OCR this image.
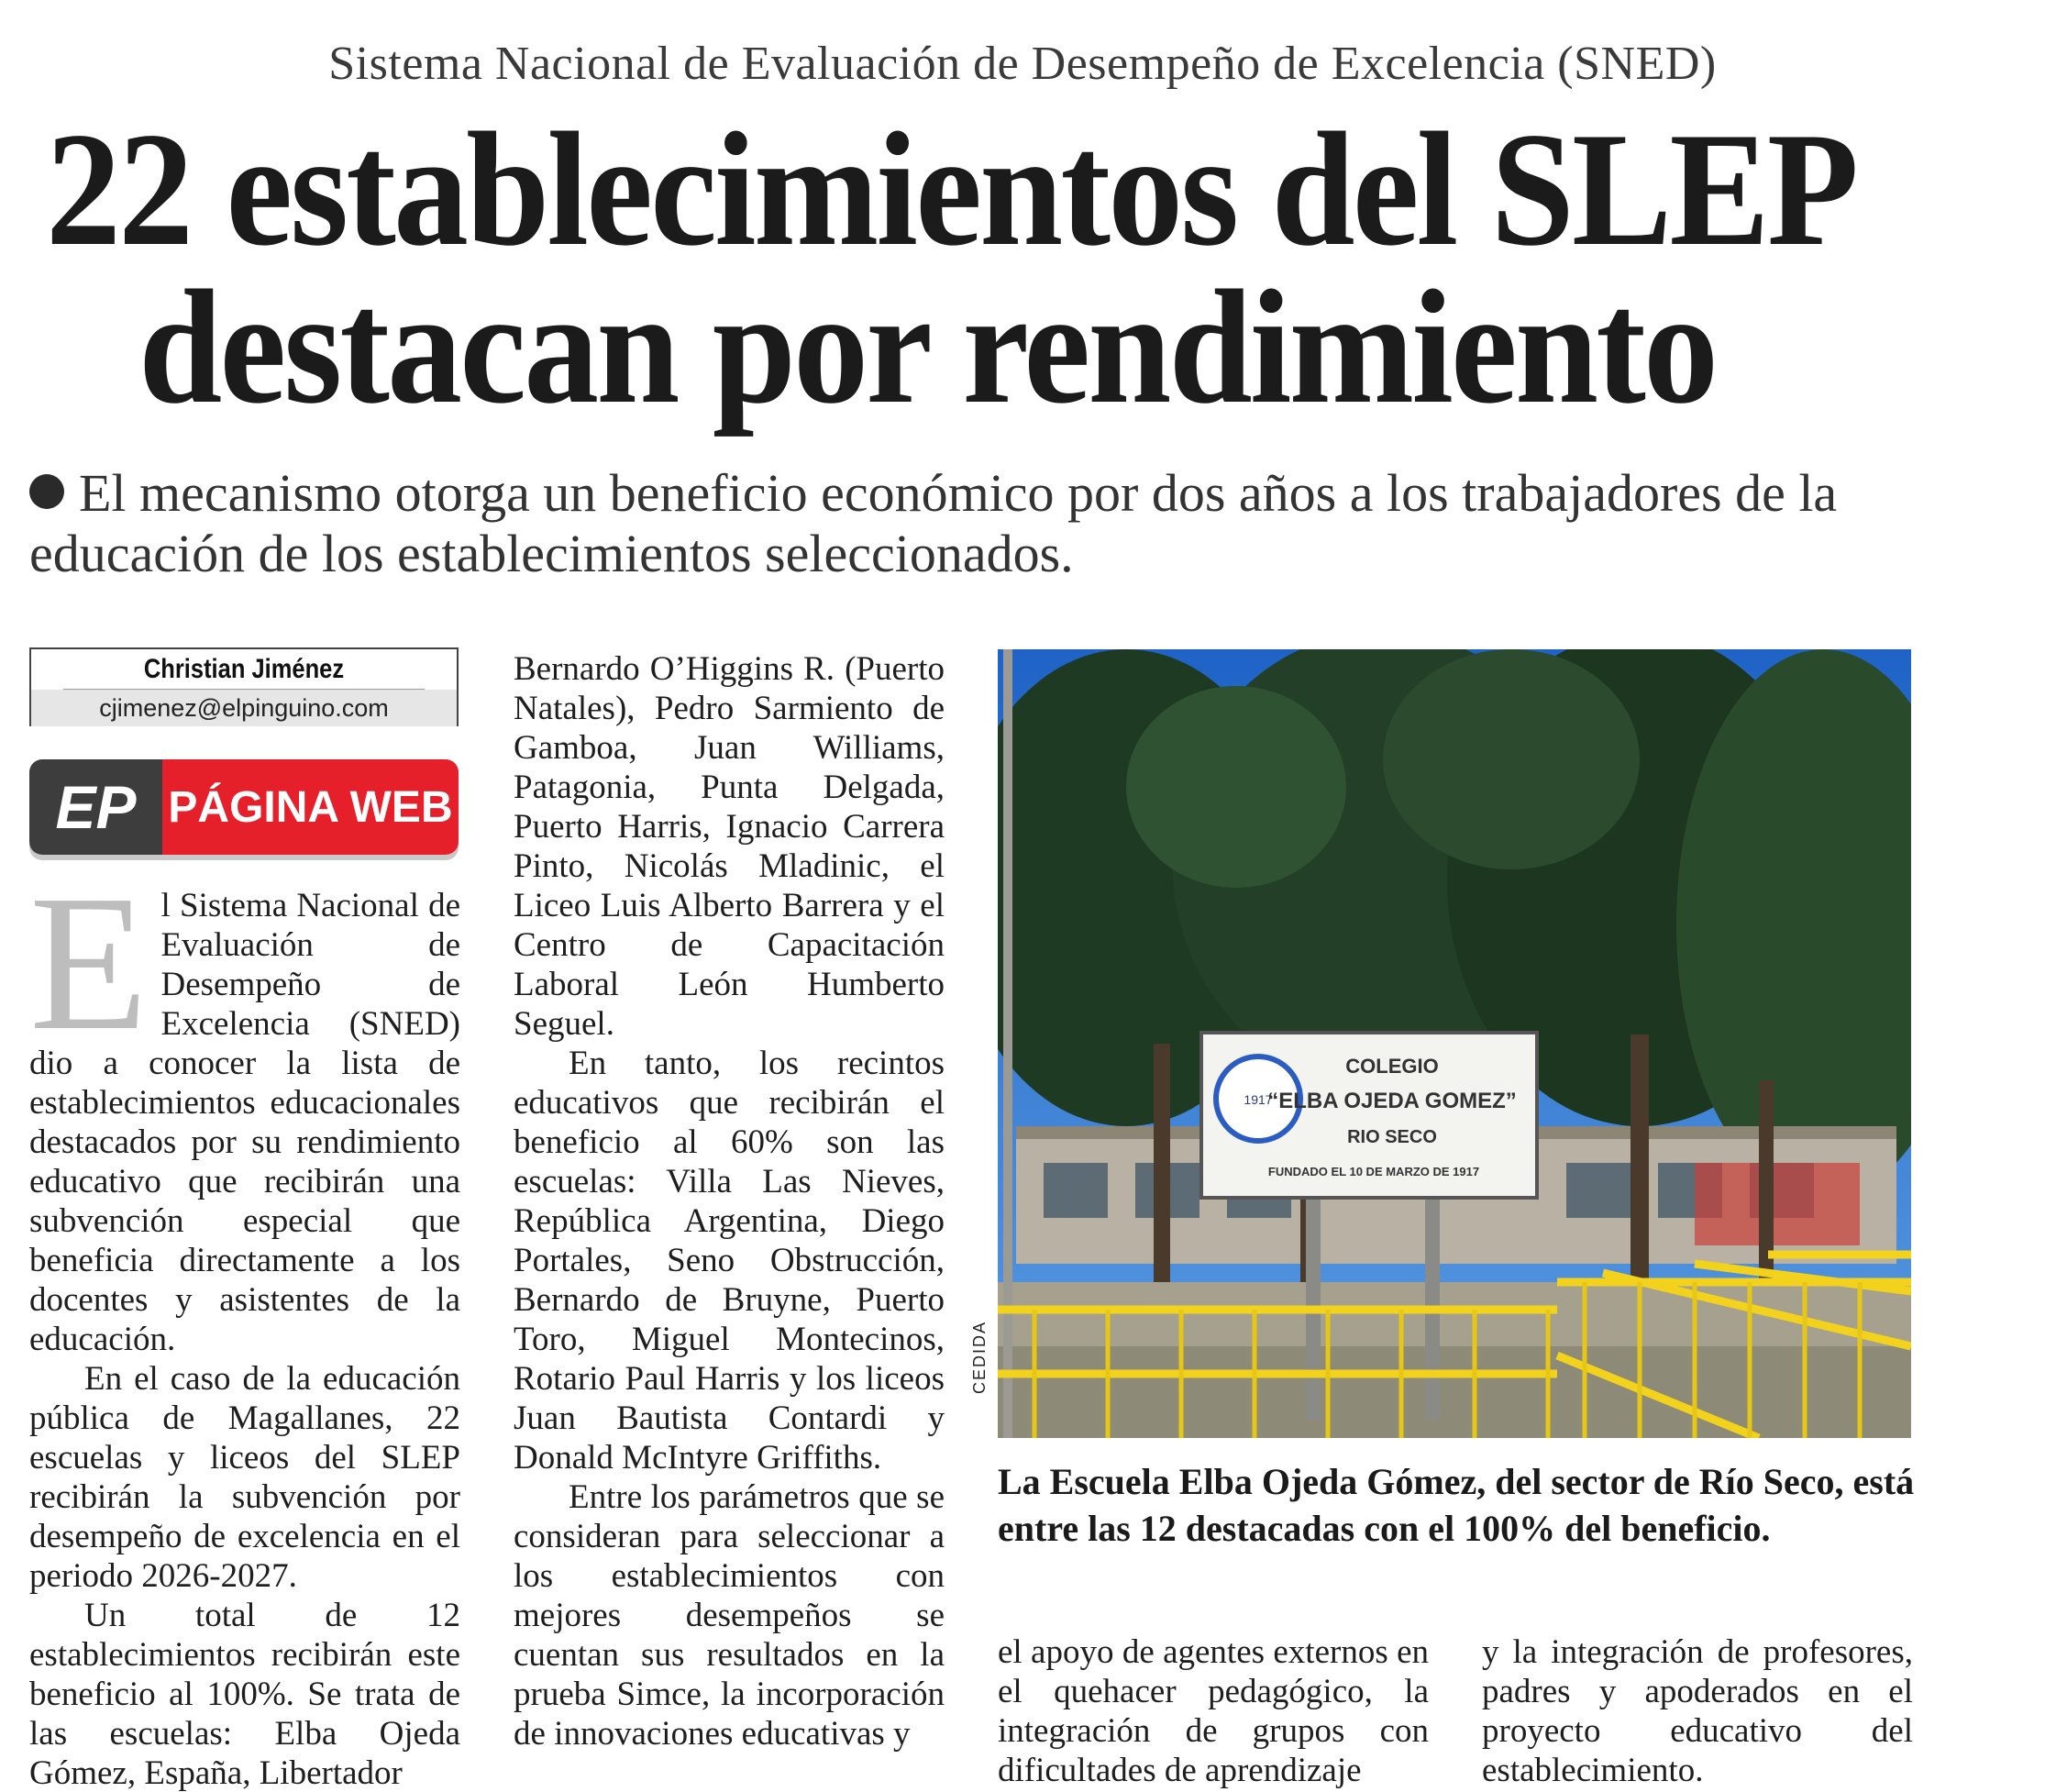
Sistema Nacional de Evaluación de Desempeño de Excelencia (SNED)
22 establecimientos del SLEP
destacan por rendimiento
El mecanismo otorga un beneficio económico por dos años a los trabajadores de la educación de los establecimientos seleccionados.
Christian Jiménez
cjimenez@elpinguino.com
EP PÁGINA WEB
E l Sistema Nacional de Evaluación de Desempeño de Excelencia (SNED) dio a conocer la lista de establecimientos educacionales destacados por su rendimiento educativo que recibirán una subvención especial que beneficia directamente a los docentes y asistentes de la educación.

En el caso de la educación pública de Magallanes, 22 escuelas y liceos del SLEP recibirán la subvención por desempeño de excelencia en el periodo 2026-2027.

Un total de 12 establecimientos recibirán este beneficio al 100%. Se trata de las escuelas: Elba Ojeda Gómez, España, Libertador

Bernardo O’Higgins R. (Puerto Natales), Pedro Sarmiento de Gamboa, Juan Williams, Patagonia, Punta Delgada, Puerto Harris, Ignacio Carrera Pinto, Nicolás Mladinic, el Liceo Luis Alberto Barrera y el Centro de Capacitación Laboral León Humberto Seguel.

En tanto, los recintos educativos que recibirán el beneficio al 60% son las escuelas: Villa Las Nieves, República Argentina, Diego Portales, Seno Obstrucción, Bernardo de Bruyne, Puerto Toro, Miguel Montecinos, Rotario Paul Harris y los liceos Juan Bautista Contardi y Donald McIntyre Griffiths.

Entre los parámetros que se consideran para seleccionar a los establecimientos con mejores desempeños se cuentan sus resultados en la prueba Simce, la incorporación de innovaciones educativas y

1917
COLEGIO
“ELBA OJEDA GOMEZ”
RIO SECO
FUNDADO EL 10 DE MARZO DE 1917
CEDIDA
La Escuela Elba Ojeda Gómez, del sector de Río Seco, está entre las 12 destacadas con el 100% del beneficio.

el apoyo de agentes externos en el quehacer pedagógico, la integración de grupos con dificultades de aprendizaje

y la integración de profesores, padres y apoderados en el proyecto educativo del establecimiento.
